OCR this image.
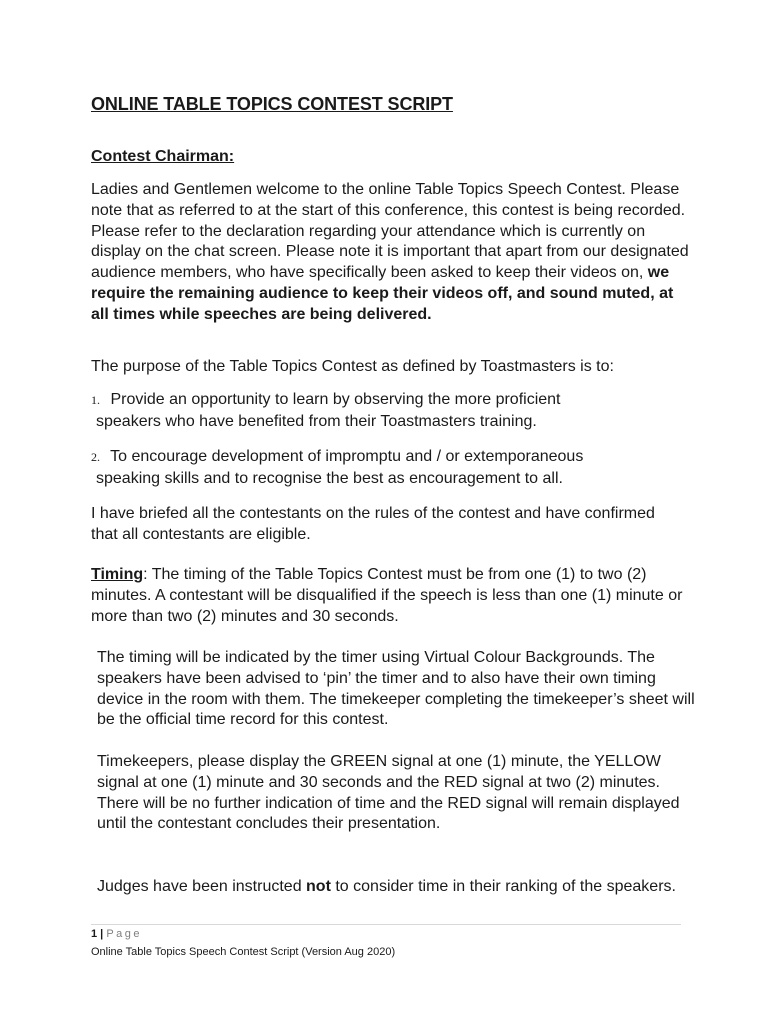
ONLINE TABLE TOPICS CONTEST SCRIPT
Contest Chairman:

Ladies and Gentlemen welcome to the online Table Topics Speech Contest. Please note that as referred to at the start of this conference, this contest is being recorded. Please refer to the declaration regarding your attendance which is currently on display on the chat screen. Please note it is important that apart from our designated audience members, who have specifically been asked to keep their videos on, we require the remaining audience to keep their videos off, and sound muted, at all times while speeches are being delivered.

The purpose of the Table Topics Contest as defined by Toastmasters is to:

1. Provide an opportunity to learn by observing the more proficient
speakers who have benefited from their Toastmasters training.
2. To encourage development of impromptu and / or extemporaneous
speaking skills and to recognise the best as encouragement to all.

I have briefed all the contestants on the rules of the contest and have confirmed that all contestants are eligible.

Timing: The timing of the Table Topics Contest must be from one (1) to two (2) minutes. A contestant will be disqualified if the speech is less than one (1) minute or more than two (2) minutes and 30 seconds.

The timing will be indicated by the timer using Virtual Colour Backgrounds. The speakers have been advised to ‘pin’ the timer and to also have their own timing device in the room with them. The timekeeper completing the timekeeper’s sheet will be the official time record for this contest.

Timekeepers, please display the GREEN signal at one (1) minute, the YELLOW signal at one (1) minute and 30 seconds and the RED signal at two (2) minutes. There will be no further indication of time and the RED signal will remain displayed until the contestant concludes their presentation.

Judges have been instructed not to consider time in their ranking of the speakers.

1 | Page
Online Table Topics Speech Contest Script (Version Aug 2020)
